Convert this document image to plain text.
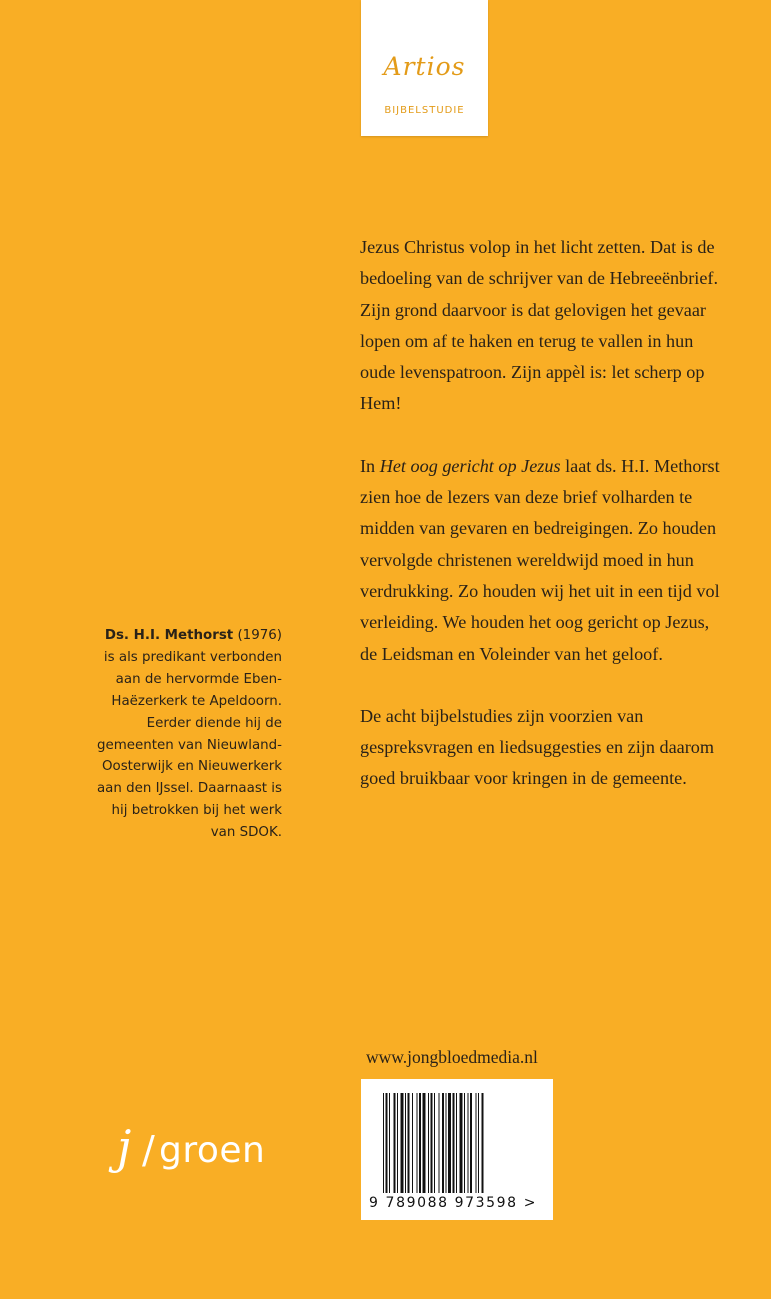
Artios
BIJBELSTUDIE

Jezus Christus volop in het licht zetten. Dat is de bedoeling van de schrijver van de Hebreeënbrief. Zijn grond daarvoor is dat gelovigen het gevaar lopen om af te haken en terug te vallen in hun oude levenspatroon. Zijn appèl is: let scherp op Hem!

In Het oog gericht op Jezus laat ds. H.I. Methorst zien hoe de lezers van deze brief volharden te midden van gevaren en bedreigingen. Zo houden vervolgde christenen wereldwijd moed in hun verdrukking. Zo houden wij het uit in een tijd vol verleiding. We houden het oog gericht op Jezus, de Leidsman en Voleinder van het geloof.

De acht bijbelstudies zijn voorzien van gespreksvragen en liedsuggesties en zijn daarom goed bruikbaar voor kringen in de gemeente.

Ds. H.I. Methorst (1976) is als predikant verbonden aan de hervormde Eben-Haëzerkerk te Apeldoorn. Eerder diende hij de gemeenten van Nieuwland-Oosterwijk en Nieuwerkerk aan den IJssel. Daarnaast is hij betrokken bij het werk van SDOK.
www.jongbloedmedia.nl
9 789088 973598 >
j / groen
